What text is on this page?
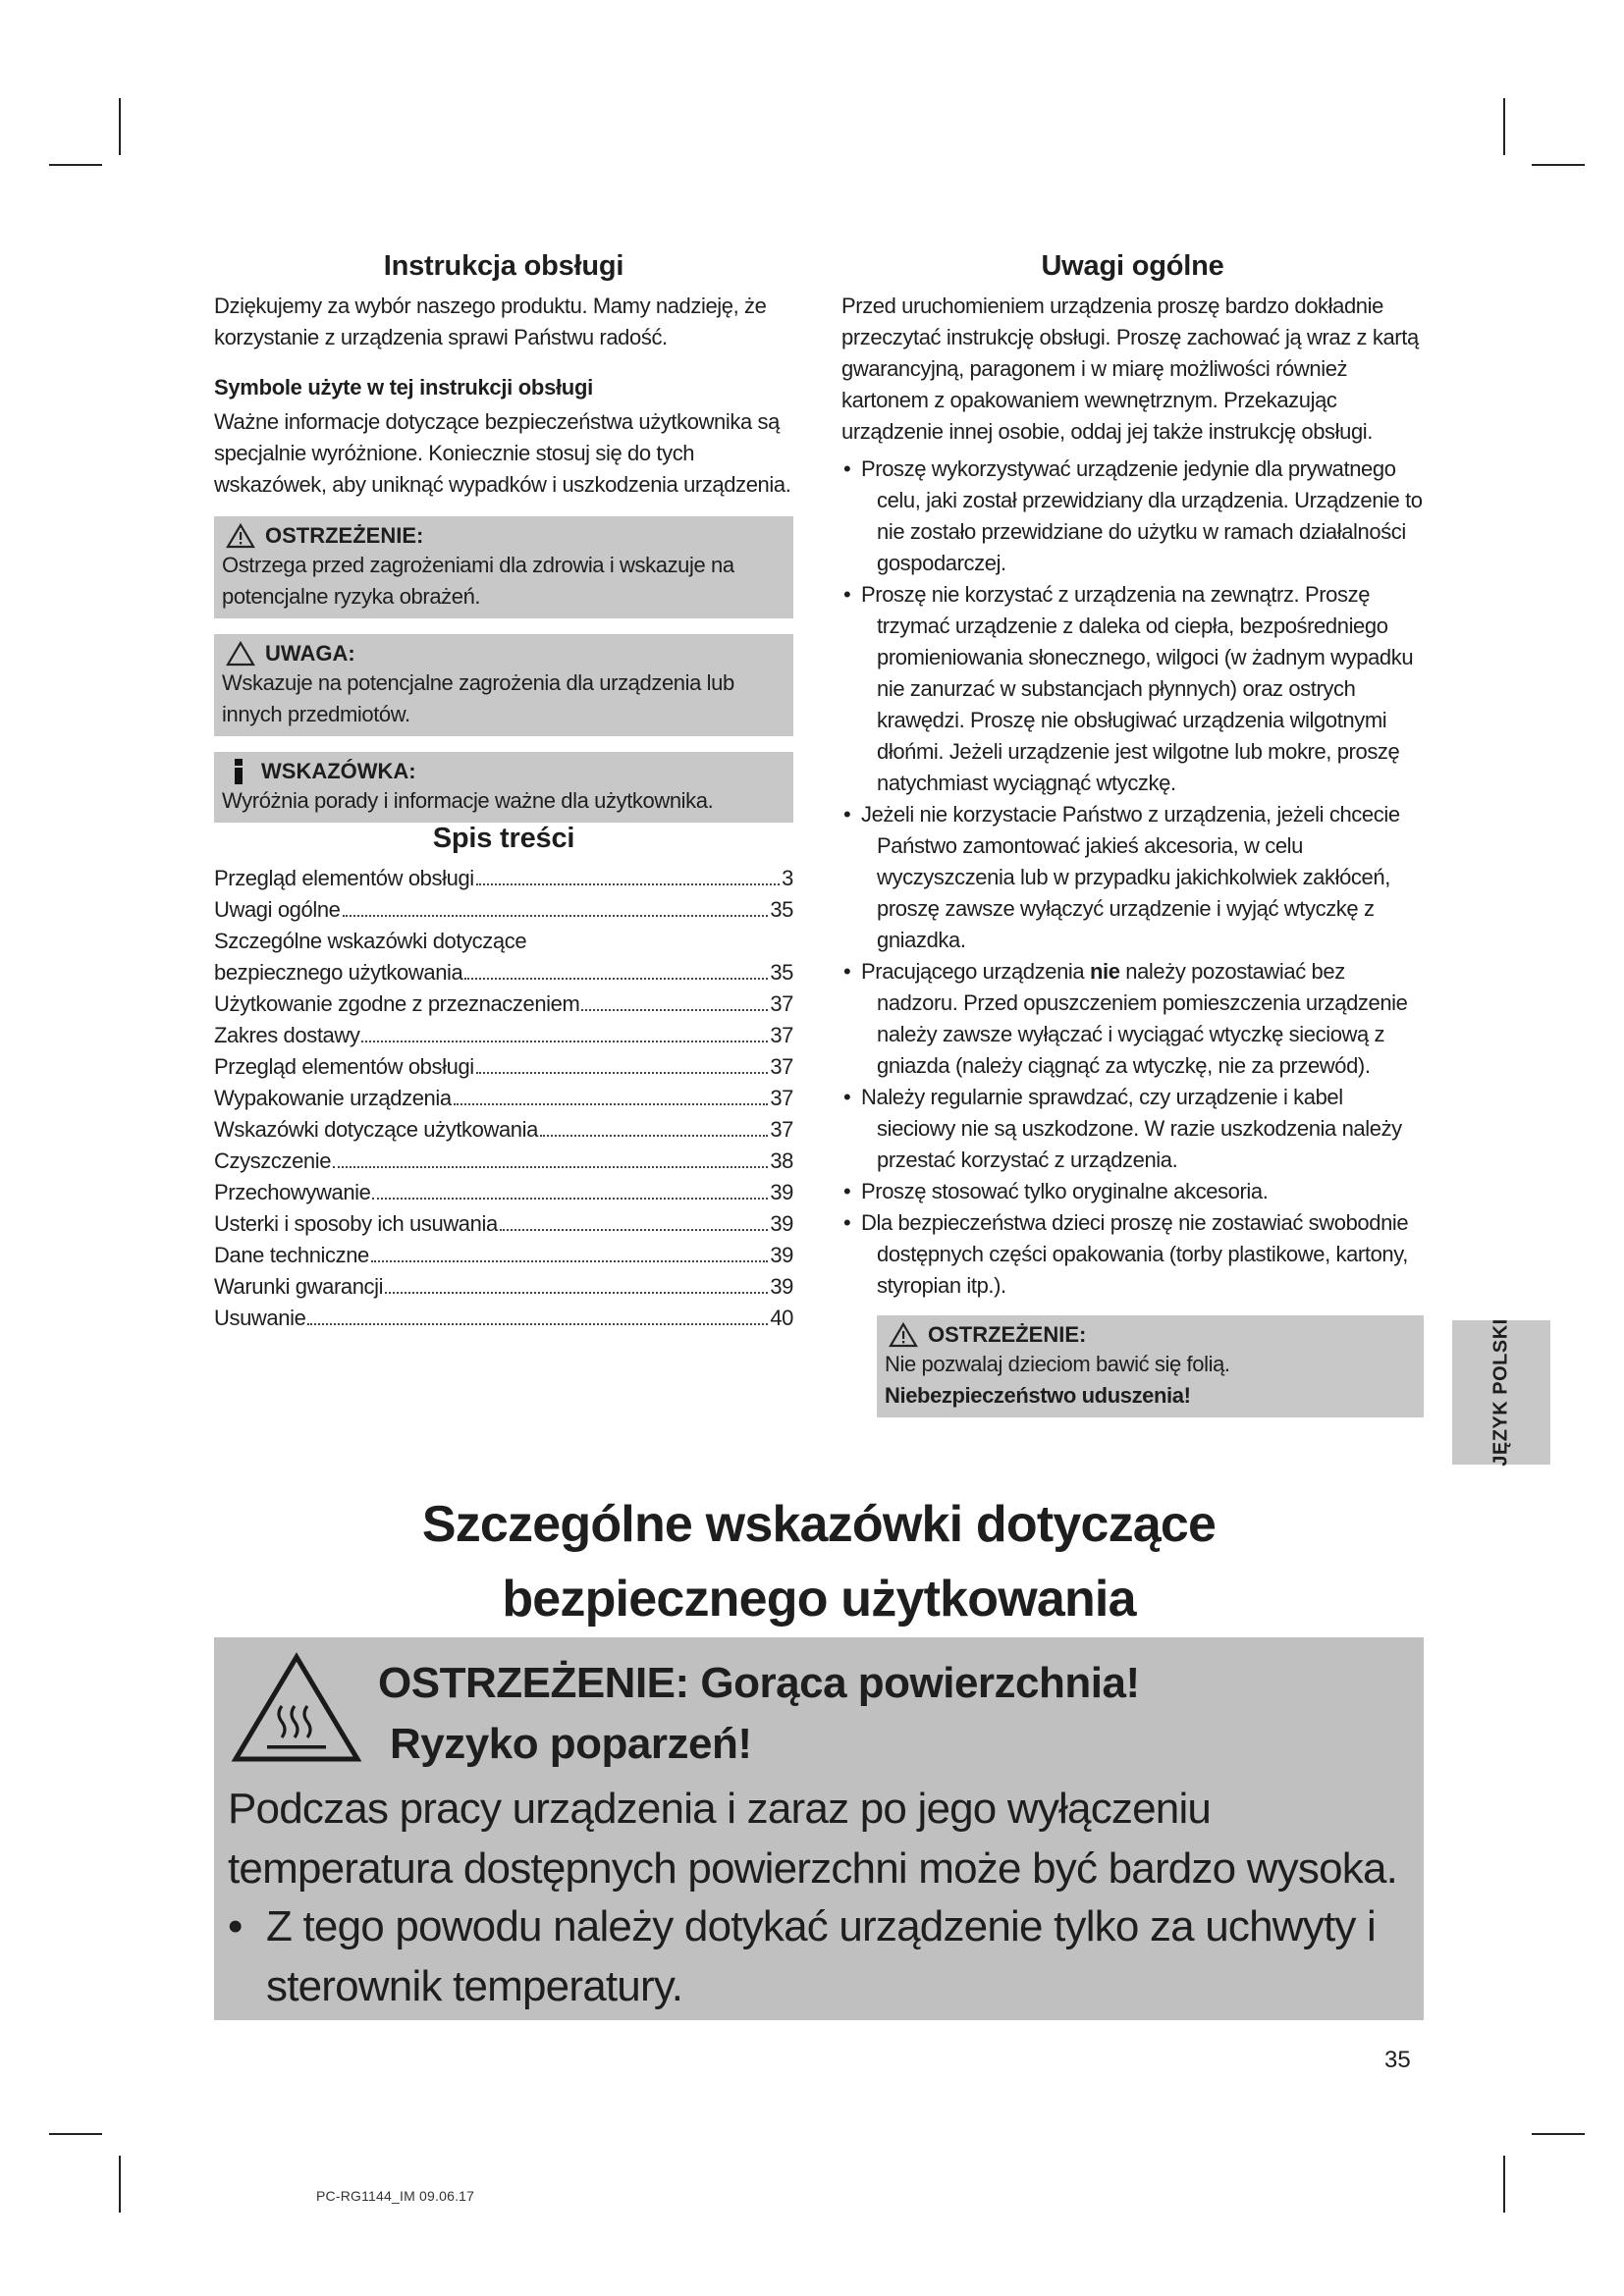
Instrukcja obsługi

Dziękujemy za wybór naszego produktu. Mamy nadzieję, że korzystanie z urządzenia sprawi Państwu radość.

Symbole użyte w tej instrukcji obsługi

Ważne informacje dotyczące bezpieczeństwa użytkownika są specjalnie wyróżnione. Koniecznie stosuj się do tych wskazówek, aby uniknąć wypadków i uszkodzenia urządzenia.

OSTRZEŻENIE:
Ostrzega przed zagrożeniami dla zdrowia i wskazuje na potencjalne ryzyka obrażeń.
UWAGA:
Wskazuje na potencjalne zagrożenia dla urządzenia lub innych przedmiotów.
WSKAZÓWKA:
Wyróżnia porady i informacje ważne dla użytkownika.
Spis treści
Przegląd elementów obsługi	3
Uwagi ogólne	35
Szczególne wskazówki dotyczące
bezpiecznego użytkowania	35
Użytkowanie zgodne z przeznaczeniem	37
Zakres dostawy	37
Przegląd elementów obsługi	37
Wypakowanie urządzenia	37
Wskazówki dotyczące użytkowania	37
Czyszczenie	38
Przechowywanie	39
Usterki i sposoby ich usuwania	39
Dane techniczne	39
Warunki gwarancji	39
Usuwanie	40
Uwagi ogólne

Przed uruchomieniem urządzenia proszę bardzo dokładnie przeczytać instrukcję obsługi. Proszę zachować ją wraz z kartą gwarancyjną, paragonem i w miarę możliwości również kartonem z opakowaniem wewnętrznym. Przekazując urządzenie innej osobie, oddaj jej także instrukcję obsługi.

• Proszę wykorzystywać urządzenie jedynie dla prywatnego celu, jaki został przewidziany dla urządzenia. Urządzenie to nie zostało przewidziane do użytku w ramach działalności gospodarczej.
• Proszę nie korzystać z urządzenia na zewnątrz. Proszę trzymać urządzenie z daleka od ciepła, bezpośredniego promieniowania słonecznego, wilgoci (w żadnym wypadku nie zanurzać w substancjach płynnych) oraz ostrych krawędzi. Proszę nie obsługiwać urządzenia wilgotnymi dłońmi. Jeżeli urządzenie jest wilgotne lub mokre, proszę natychmiast wyciągnąć wtyczkę.
• Jeżeli nie korzystacie Państwo z urządzenia, jeżeli chcecie Państwo zamontować jakieś akcesoria, w celu wyczyszczenia lub w przypadku jakichkolwiek zakłóceń, proszę zawsze wyłączyć urządzenie i wyjąć wtyczkę z gniazdka.
• Pracującego urządzenia nie należy pozostawiać bez nadzoru. Przed opuszczeniem pomieszczenia urządzenie należy zawsze wyłączać i wyciągać wtyczkę sieciową z gniazda (należy ciągnąć za wtyczkę, nie za przewód).
• Należy regularnie sprawdzać, czy urządzenie i kabel sieciowy nie są uszkodzone. W razie uszkodzenia należy przestać korzystać z urządzenia.
• Proszę stosować tylko oryginalne akcesoria.
• Dla bezpieczeństwa dzieci proszę nie zostawiać swobodnie dostępnych części opakowania (torby plastikowe, kartony, styropian itp.).
OSTRZEŻENIE:
Nie pozwalaj dzieciom bawić się folią. Niebezpieczeństwo uduszenia!	JĘZYK POLSKI
Szczególne wskazówki dotyczące
bezpiecznego użytkowania
OSTRZEŻENIE: Gorąca powierzchnia!
Ryzyko poparzeń!
Podczas pracy urządzenia i zaraz po jego wyłączeniu temperatura dostępnych powierzchni może być bardzo wysoka.
• Z tego powodu należy dotykać urządzenie tylko za uchwyty i sterownik temperatury.
35
PC-RG1144_IM 09.06.17
